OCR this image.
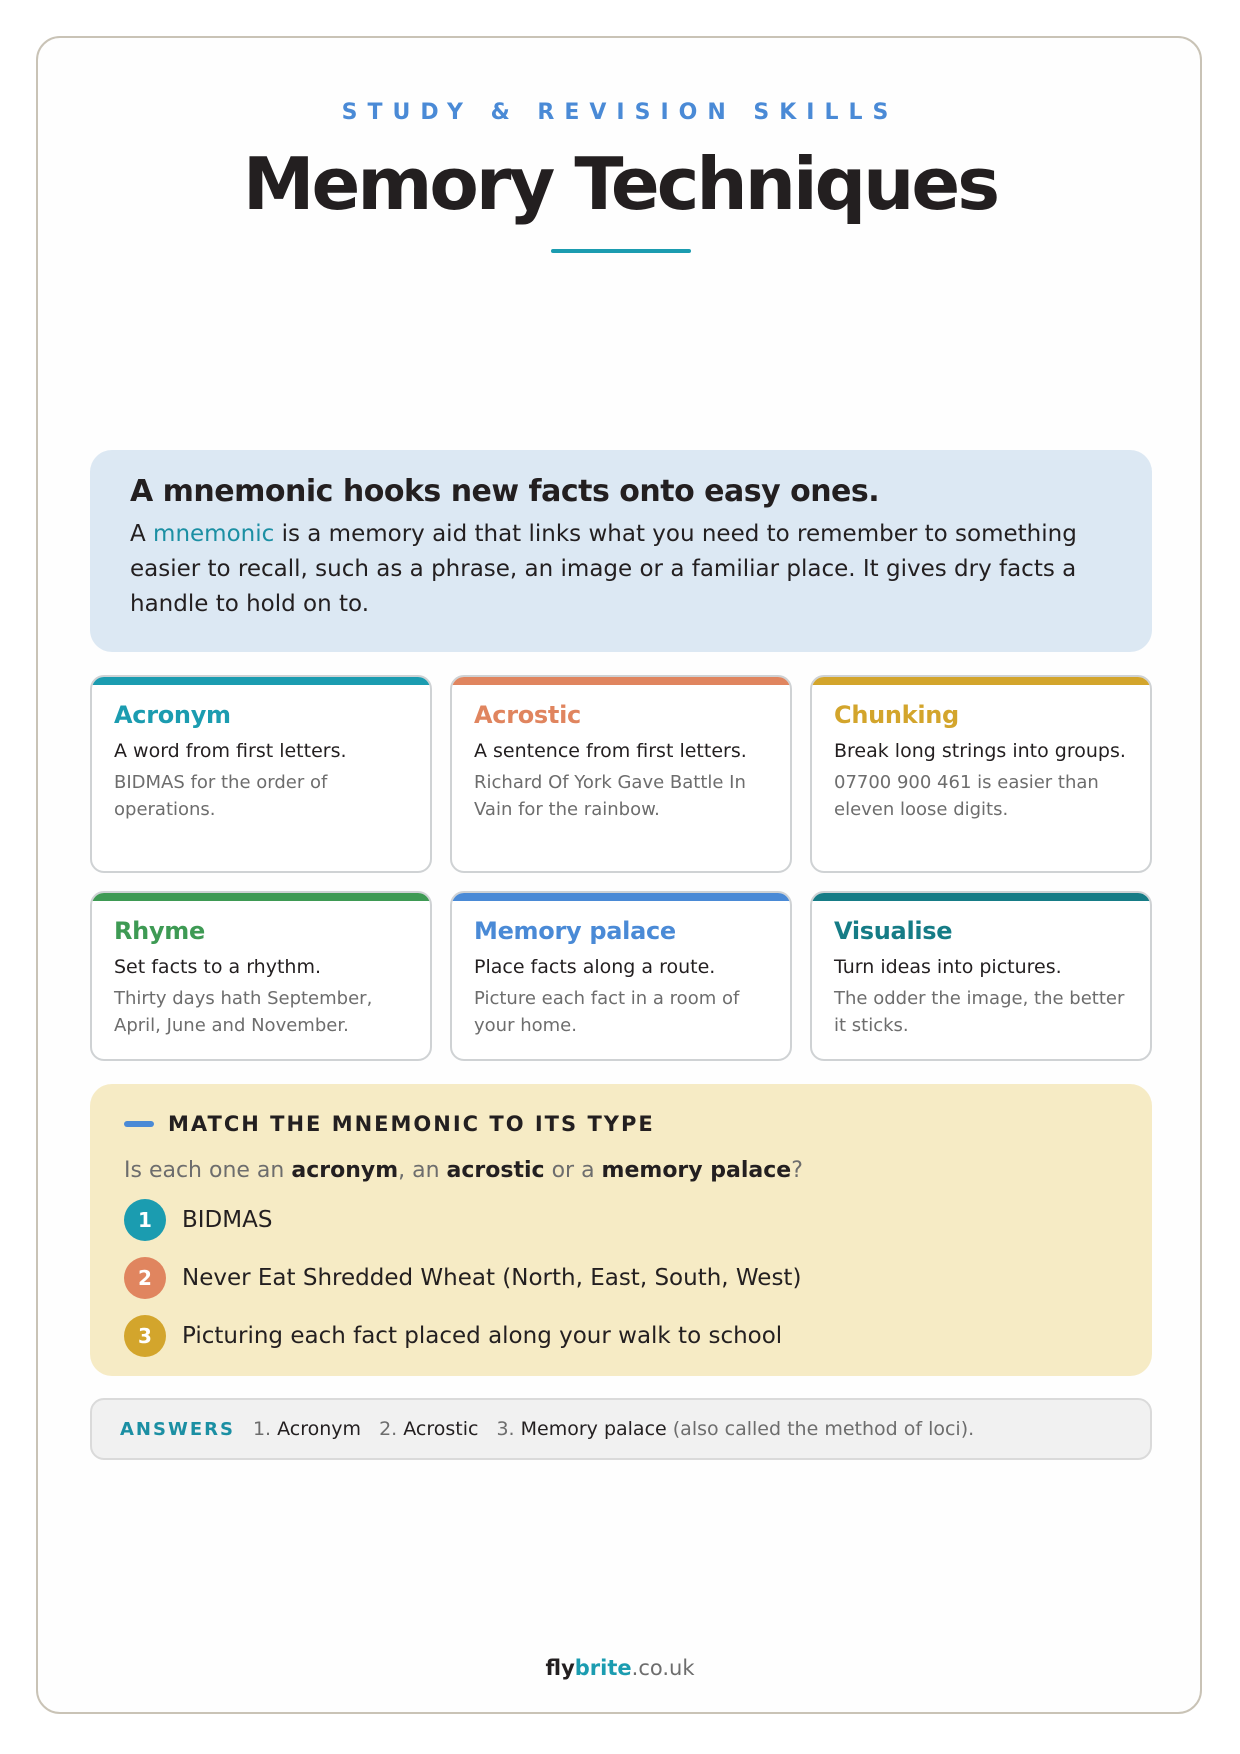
STUDY & REVISION SKILLS
Memory Techniques
A mnemonic hooks new facts onto easy ones.
A mnemonic is a memory aid that links what you need to remember to something easier to recall, such as a phrase, an image or a familiar place. It gives dry facts a handle to hold on to.
Acronym
A word from first letters.
BIDMAS for the order of operations.
Acrostic
A sentence from first letters.
Richard Of York Gave Battle In Vain for the rainbow.
Chunking
Break long strings into groups.
07700 900 461 is easier than eleven loose digits.
Rhyme
Set facts to a rhythm.
Thirty days hath September, April, June and November.
Memory palace
Place facts along a route.
Picture each fact in a room of your home.
Visualise
Turn ideas into pictures.
The odder the image, the better it sticks.
MATCH THE MNEMONIC TO ITS TYPE
Is each one an acronym, an acrostic or a memory palace?
1	BIDMAS
2	Never Eat Shredded Wheat (North, East, South, West)
3	Picturing each fact placed along your walk to school
ANSWERS 1. Acronym 2. Acrostic 3. Memory palace (also called the method of loci).
flybrite.co.uk
